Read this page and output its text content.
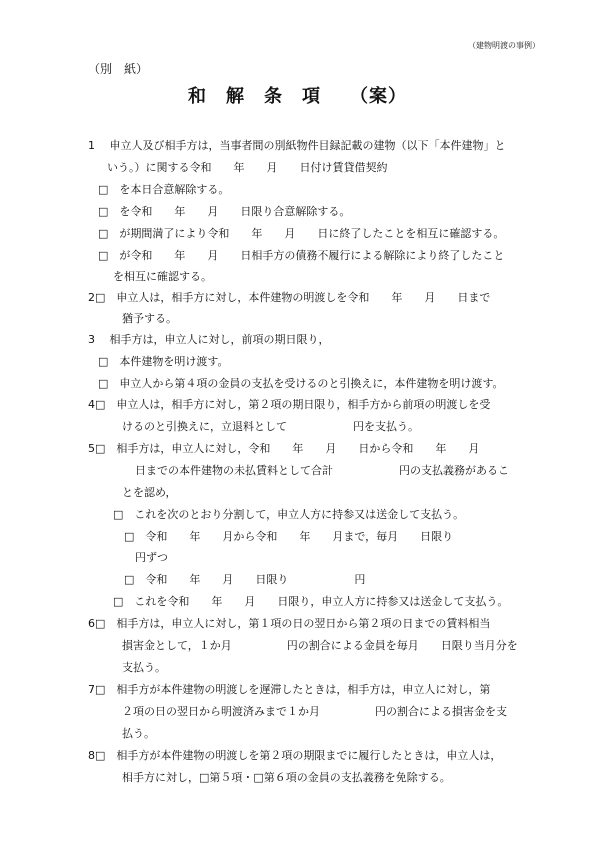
（建物明渡の事例）
（別　紙）
和　解　条　項　　（案）
1　 申立人及び相手方は，当事者間の別紙物件目録記載の建物（以下「本件建物」と
いう。）に関する令和　　年　　月　　日付け賃貸借契約
□　を本日合意解除する。
□　を令和　　年　　月　　日限り合意解除する。
□　が期間満了により令和　　年　　月　　日に終了したことを相互に確認する。
□　が令和　　年　　月　　日相手方の債務不履行による解除により終了したこと
を相互に確認する。
2□　申立人は，相手方に対し，本件建物の明渡しを令和　　年　　月　　日まで
猶予する。
3　 相手方は，申立人に対し，前項の期日限り，
□　本件建物を明け渡す。
□　申立人から第４項の金員の支払を受けるのと引換えに，本件建物を明け渡す。
4□　申立人は，相手方に対し，第２項の期日限り，相手方から前項の明渡しを受
けるのと引換えに，立退料として　　　　　　円を支払う。
5□　相手方は，申立人に対し，令和　　年　　月　　日から令和　　年　　月
日までの本件建物の未払賃料として合計　　　　　　円の支払義務があるこ
とを認め，
□　これを次のとおり分割して，申立人方に持参又は送金して支払う。
□　令和　　年　　月から令和　　年　　月まで，毎月　　日限り
円ずつ
□　令和　　年　　月　　日限り　　　　　　円
□　これを令和　　年　　月　　日限り，申立人方に持参又は送金して支払う。
6□　相手方は，申立人に対し，第１項の日の翌日から第２項の日までの賃料相当
損害金として，１か月　　　　　円の割合による金員を毎月　　日限り当月分を
支払う。
7□　相手方が本件建物の明渡しを遅滞したときは，相手方は，申立人に対し，第
２項の日の翌日から明渡済みまで１か月　　　　　円の割合による損害金を支
払う。
8□　相手方が本件建物の明渡しを第２項の期限までに履行したときは，申立人は，
相手方に対し，□第５項・□第６項の金員の支払義務を免除する。
